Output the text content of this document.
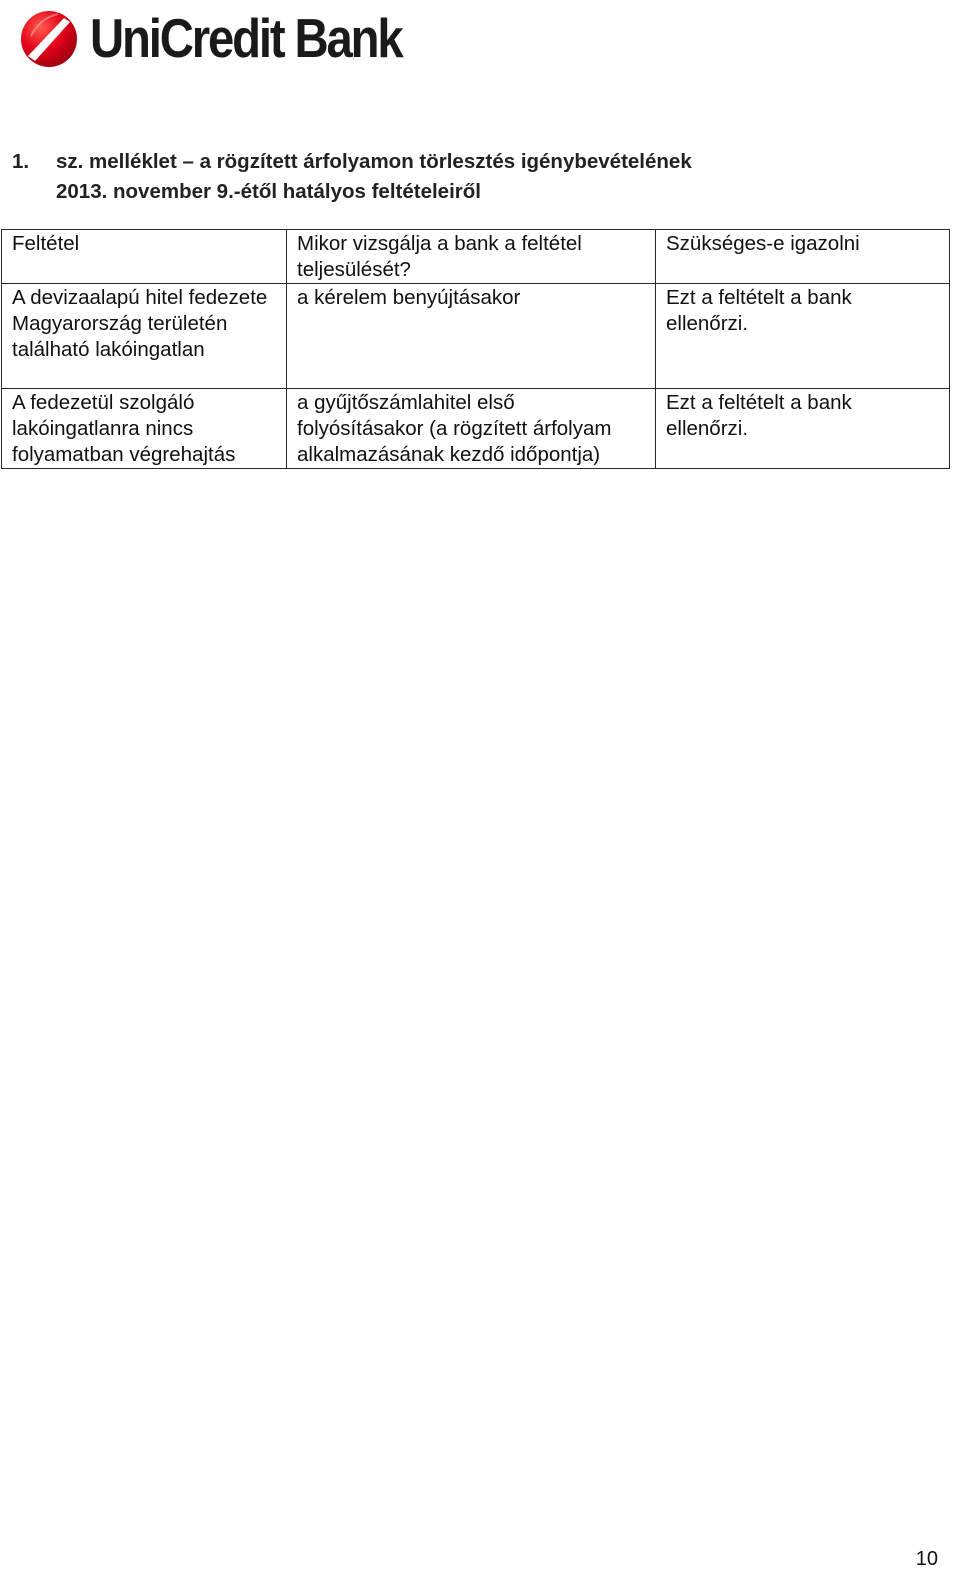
UniCredit Bank
1.	sz. melléklet – a rögzített árfolyamon törlesztés igénybevételének
2013. november 9.-étől hatályos feltételeiről
Feltétel	Mikor vizsgálja a bank a feltétel teljesülését?	Szükséges-e igazolni
A devizaalapú hitel fedezete Magyarország területén található lakóingatlan	a kérelem benyújtásakor	Ezt a feltételt a bank ellenőrzi.
A fedezetül szolgáló lakóingatlanra nincs folyamatban végrehajtás	a gyűjtőszámlahitel első folyósításakor (a rögzített árfolyam alkalmazásának kezdő időpontja)	Ezt a feltételt a bank ellenőrzi.
10
